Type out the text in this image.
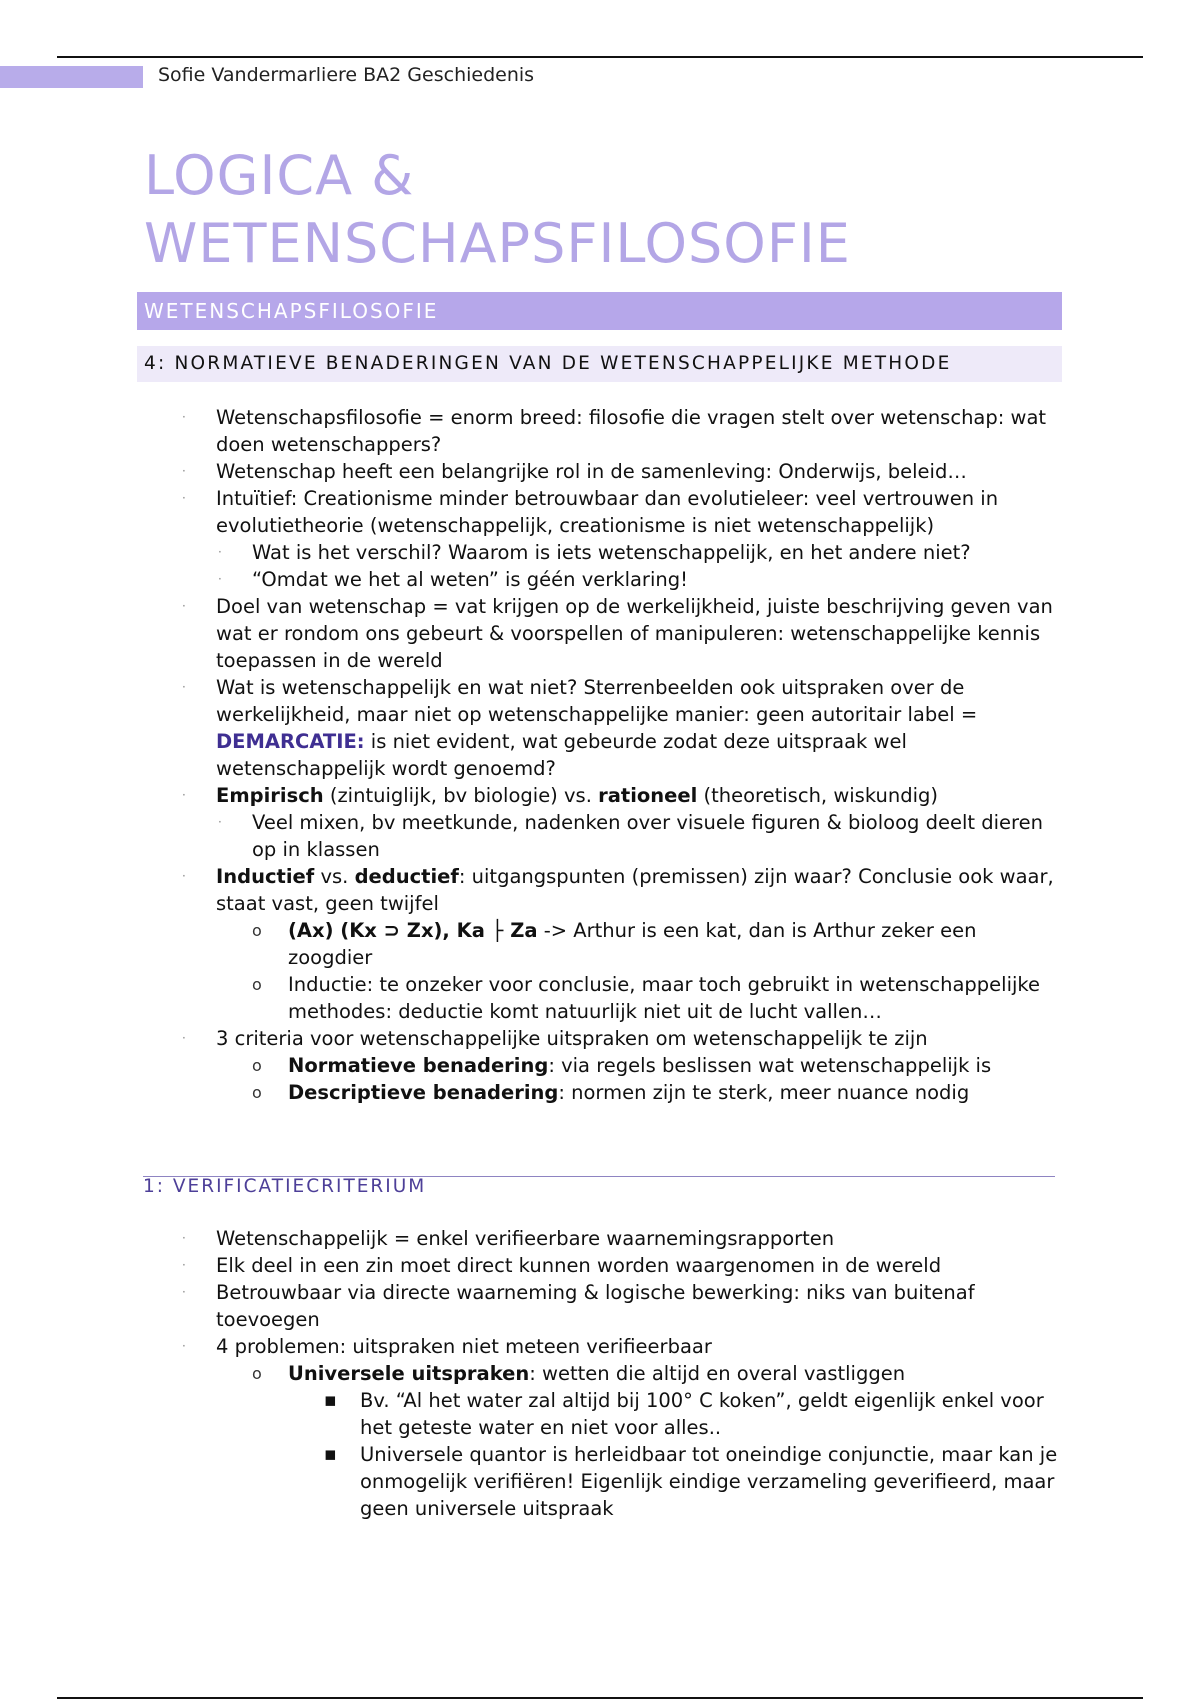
Sofie Vandermarliere BA2 Geschiedenis
LOGICA &
WETENSCHAPSFILOSOFIE
WETENSCHAPSFILOSOFIE
4: NORMATIEVE BENADERINGEN VAN DE WETENSCHAPPELIJKE METHODE
· Wetenschapsfilosofie = enorm breed: filosofie die vragen stelt over wetenschap: wat doen wetenschappers?
· Wetenschap heeft een belangrijke rol in de samenleving: Onderwijs, beleid…
· Intuïtief: Creationisme minder betrouwbaar dan evolutieleer: veel vertrouwen in evolutietheorie (wetenschappelijk, creationisme is niet wetenschappelijk)
· Wat is het verschil? Waarom is iets wetenschappelijk, en het andere niet?
· “Omdat we het al weten” is géén verklaring!
· Doel van wetenschap = vat krijgen op de werkelijkheid, juiste beschrijving geven van wat er rondom ons gebeurt & voorspellen of manipuleren: wetenschappelijke kennis toepassen in de wereld
· Wat is wetenschappelijk en wat niet? Sterrenbeelden ook uitspraken over de werkelijkheid, maar niet op wetenschappelijke manier: geen autoritair label = DEMARCATIE: is niet evident, wat gebeurde zodat deze uitspraak wel wetenschappelijk wordt genoemd?
· Empirisch (zintuiglijk, bv biologie) vs. rationeel (theoretisch, wiskundig)
· Veel mixen, bv meetkunde, nadenken over visuele figuren & bioloog deelt dieren op in klassen
· Inductief vs. deductief: uitgangspunten (premissen) zijn waar? Conclusie ook waar, staat vast, geen twijfel
o (Ax) (Kx ⊃ Zx), Ka ├ Za -> Arthur is een kat, dan is Arthur zeker een zoogdier
o Inductie: te onzeker voor conclusie, maar toch gebruikt in wetenschappelijke methodes: deductie komt natuurlijk niet uit de lucht vallen…
· 3 criteria voor wetenschappelijke uitspraken om wetenschappelijk te zijn
o Normatieve benadering: via regels beslissen wat wetenschappelijk is
o Descriptieve benadering: normen zijn te sterk, meer nuance nodig
1: VERIFICATIECRITERIUM
· Wetenschappelijk = enkel verifieerbare waarnemingsrapporten
· Elk deel in een zin moet direct kunnen worden waargenomen in de wereld
· Betrouwbaar via directe waarneming & logische bewerking: niks van buitenaf toevoegen
· 4 problemen: uitspraken niet meteen verifieerbaar
o Universele uitspraken: wetten die altijd en overal vastliggen
▪ Bv. “Al het water zal altijd bij 100° C koken”, geldt eigenlijk enkel voor het geteste water en niet voor alles..
▪ Universele quantor is herleidbaar tot oneindige conjunctie, maar kan je onmogelijk verifiëren! Eigenlijk eindige verzameling geverifieerd, maar geen universele uitspraak
